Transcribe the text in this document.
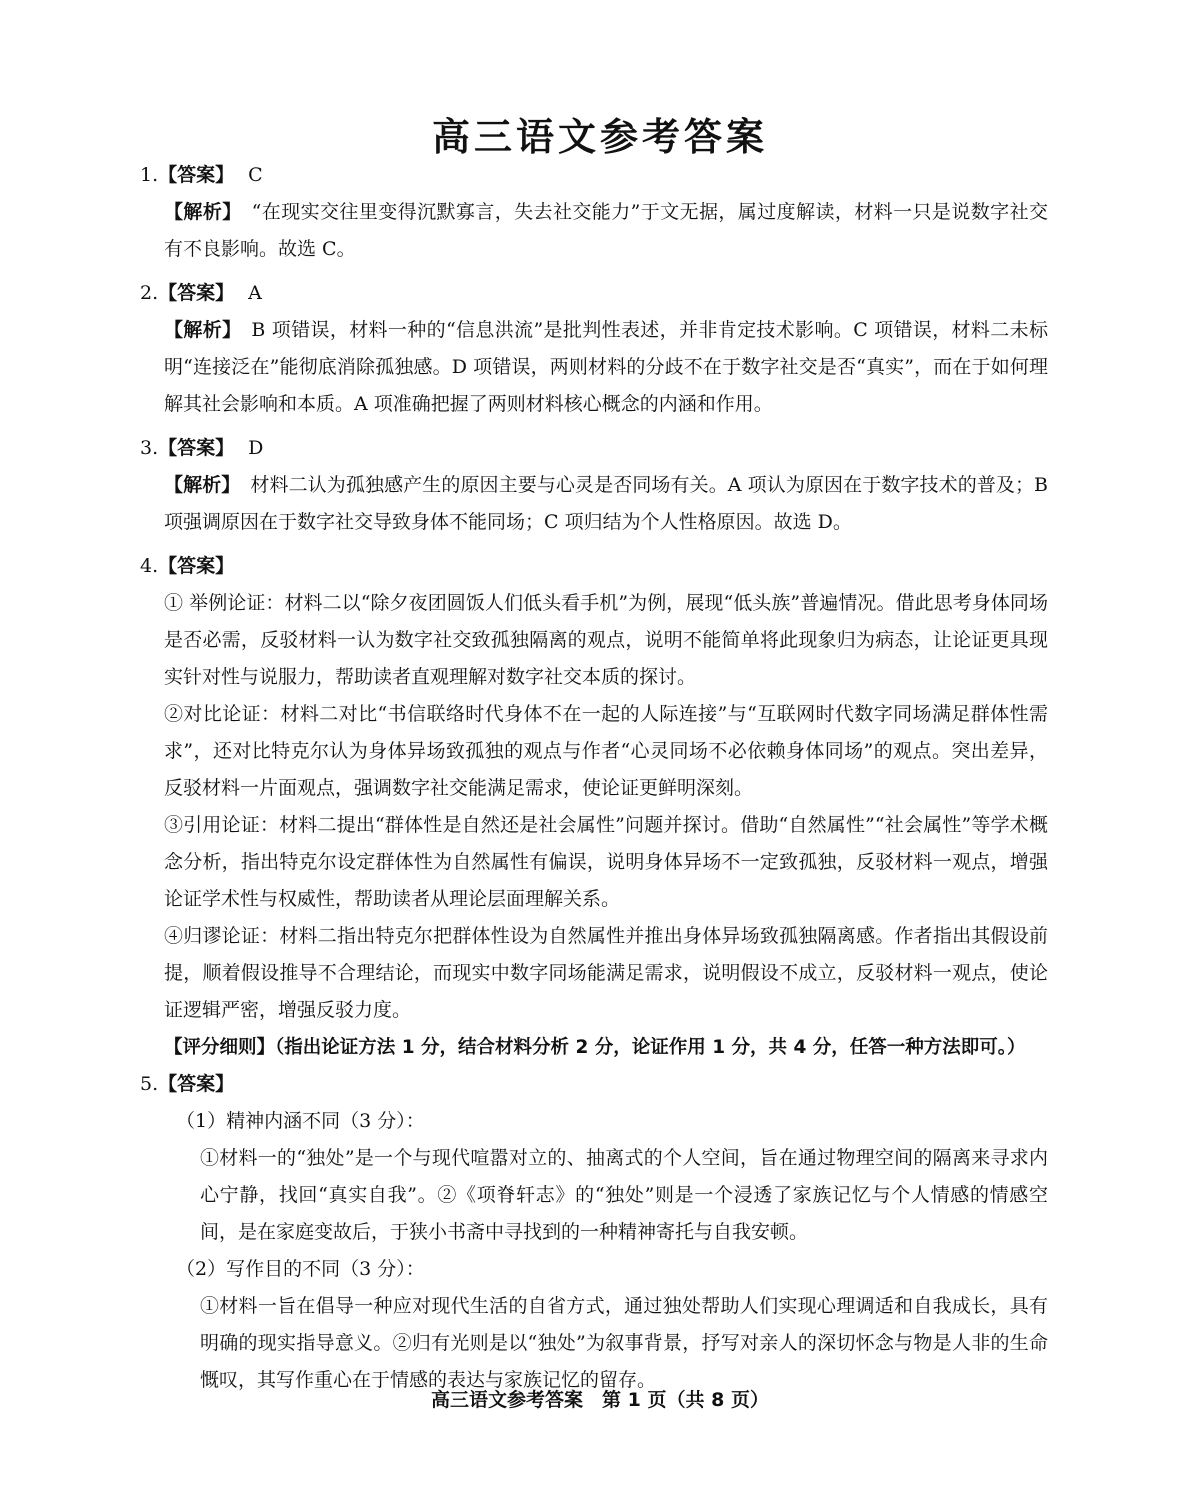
高三语文参考答案
1.【答案】 C
【解析】 “在现实交往里变得沉默寡言，失去社交能力”于文无据，属过度解读，材料一只是说数字社交有不良影响。故选 C。
2.【答案】 A
【解析】 B 项错误，材料一种的“信息洪流”是批判性表述，并非肯定技术影响。C 项错误，材料二未标明“连接泛在”能彻底消除孤独感。D 项错误，两则材料的分歧不在于数字社交是否“真实”，而在于如何理解其社会影响和本质。A 项准确把握了两则材料核心概念的内涵和作用。
3.【答案】 D
【解析】 材料二认为孤独感产生的原因主要与心灵是否同场有关。A 项认为原因在于数字技术的普及；B 项强调原因在于数字社交导致身体不能同场；C 项归结为个人性格原因。故选 D。
4.【答案】
① 举例论证：材料二以“除夕夜团圆饭人们低头看手机”为例，展现“低头族”普遍情况。借此思考身体同场是否必需，反驳材料一认为数字社交致孤独隔离的观点，说明不能简单将此现象归为病态，让论证更具现实针对性与说服力，帮助读者直观理解对数字社交本质的探讨。
②对比论证：材料二对比“书信联络时代身体不在一起的人际连接”与“互联网时代数字同场满足群体性需求”，还对比特克尔认为身体异场致孤独的观点与作者“心灵同场不必依赖身体同场”的观点。突出差异，反驳材料一片面观点，强调数字社交能满足需求，使论证更鲜明深刻。
③引用论证：材料二提出“群体性是自然还是社会属性”问题并探讨。借助“自然属性”“社会属性”等学术概念分析，指出特克尔设定群体性为自然属性有偏误，说明身体异场不一定致孤独，反驳材料一观点，增强论证学术性与权威性，帮助读者从理论层面理解关系。
④归谬论证：材料二指出特克尔把群体性设为自然属性并推出身体异场致孤独隔离感。作者指出其假设前提，顺着假设推导不合理结论，而现实中数字同场能满足需求，说明假设不成立，反驳材料一观点，使论证逻辑严密，增强反驳力度。
【评分细则】（指出论证方法 1 分，结合材料分析 2 分，论证作用 1 分，共 4 分，任答一种方法即可。）
5.【答案】
（1）精神内涵不同（3 分）：
①材料一的“独处”是一个与现代喧嚣对立的、抽离式的个人空间，旨在通过物理空间的隔离来寻求内心宁静，找回“真实自我”。②《项脊轩志》的“独处”则是一个浸透了家族记忆与个人情感的情感空间，是在家庭变故后，于狭小书斋中寻找到的一种精神寄托与自我安顿。
（2）写作目的不同（3 分）：
①材料一旨在倡导一种应对现代生活的自省方式，通过独处帮助人们实现心理调适和自我成长，具有明确的现实指导意义。②归有光则是以“独处”为叙事背景，抒写对亲人的深切怀念与物是人非的生命慨叹，其写作重心在于情感的表达与家族记忆的留存。
高三语文参考答案　第 1 页（共 8 页）
